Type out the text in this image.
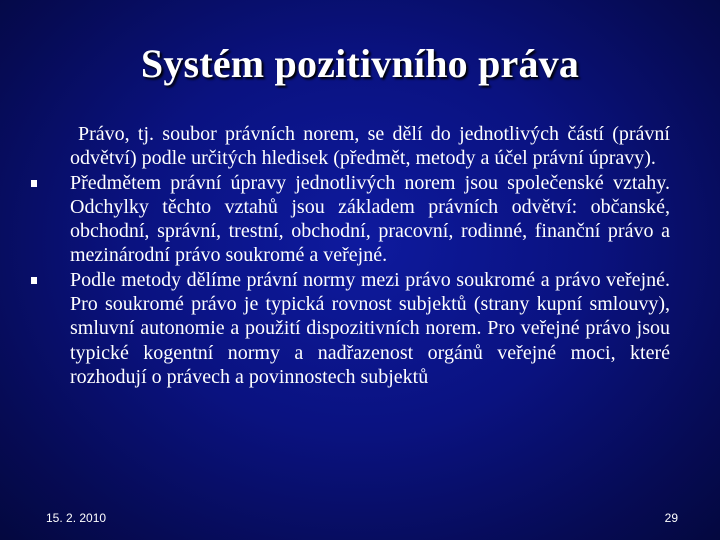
Systém pozitivního práva

Právo, tj. soubor právních norem, se dělí do jednotlivých částí (právní odvětví) podle určitých hledisek (předmět, metody a účel právní úpravy).

Předmětem právní úpravy jednotlivých norem jsou společenské vztahy. Odchylky těchto vztahů jsou základem právních odvětví: občanské, obchodní, správní, trestní, obchodní, pracovní, rodinné, finanční právo a mezinárodní právo soukromé a veřejné.

Podle metody dělíme právní normy mezi právo soukromé a právo veřejné. Pro soukromé právo je typická rovnost subjektů (strany kupní smlouvy), smluvní autonomie a použití dispozitivních norem. Pro veřejné právo jsou typické kogentní normy a nadřazenost orgánů veřejné moci, které rozhodují o právech a povinnostech subjektů

15. 2. 2010	29
